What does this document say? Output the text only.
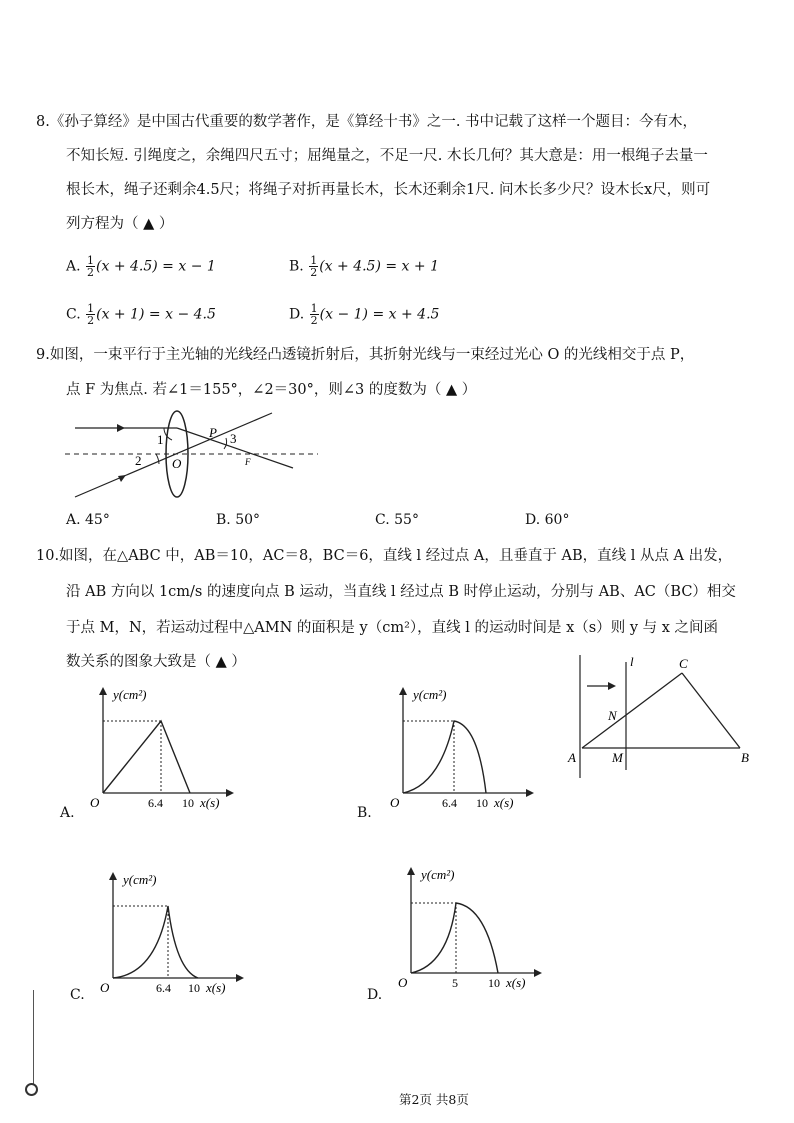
8.《孙子算经》是中国古代重要的数学著作，是《算经十书》之一. 书中记载了这样一个题目：今有木，
不知长短. 引绳度之，余绳四尺五寸；屈绳量之，不足一尺. 木长几何？其大意是：用一根绳子去量一
根长木，绳子还剩余4.5尺；将绳子对折再量长木，长木还剩余1尺. 问木长多少尺？设木长x尺，则可
列方程为（ ▲ ）
A. $\frac{1}{2} (x + 4.5) = x - 1$	B. $\frac{1}{2} (x + 4.5) = x + 1$
C. $\frac{1}{2} (x + 1) = x - 4.5$	D. $\frac{1}{2} (x - 1) = x + 4.5$
9.如图，一束平行于主光轴的光线经凸透镜折射后，其折射光线与一束经过光心 O 的光线相交于点 P，
点 F 为焦点. 若∠1＝155°，∠2＝30°，则∠3 的度数为（ ▲ ）
1
2 O
P 3
F
A. 45°	B. 50°	C. 55°	D. 60°
10.如图，在△ABC 中，AB＝10，AC＝8，BC＝6，直线 l 经过点 A，且垂直于 AB，直线 l 从点 A 出发，
沿 AB 方向以 1cm/s 的速度向点 B 运动，当直线 l 经过点 B 时停止运动，分别与 AB、AC（BC）相交
于点 M，N，若运动过程中△AMN 的面积是 y（cm²），直线 l 的运动时间是 x（s）则 y 与 x 之间函
数关系的图象大致是（ ▲ ）
A	B
C
M
N
l
y(cm²)
O	6.4 10 x(s)
A.
y(cm²)
O	6.4 10 x(s)
B.
y(cm²)
O	6.4 10 x(s)
C.
y(cm²)
O	5	10 x(s)
D.
第2页 共8页
